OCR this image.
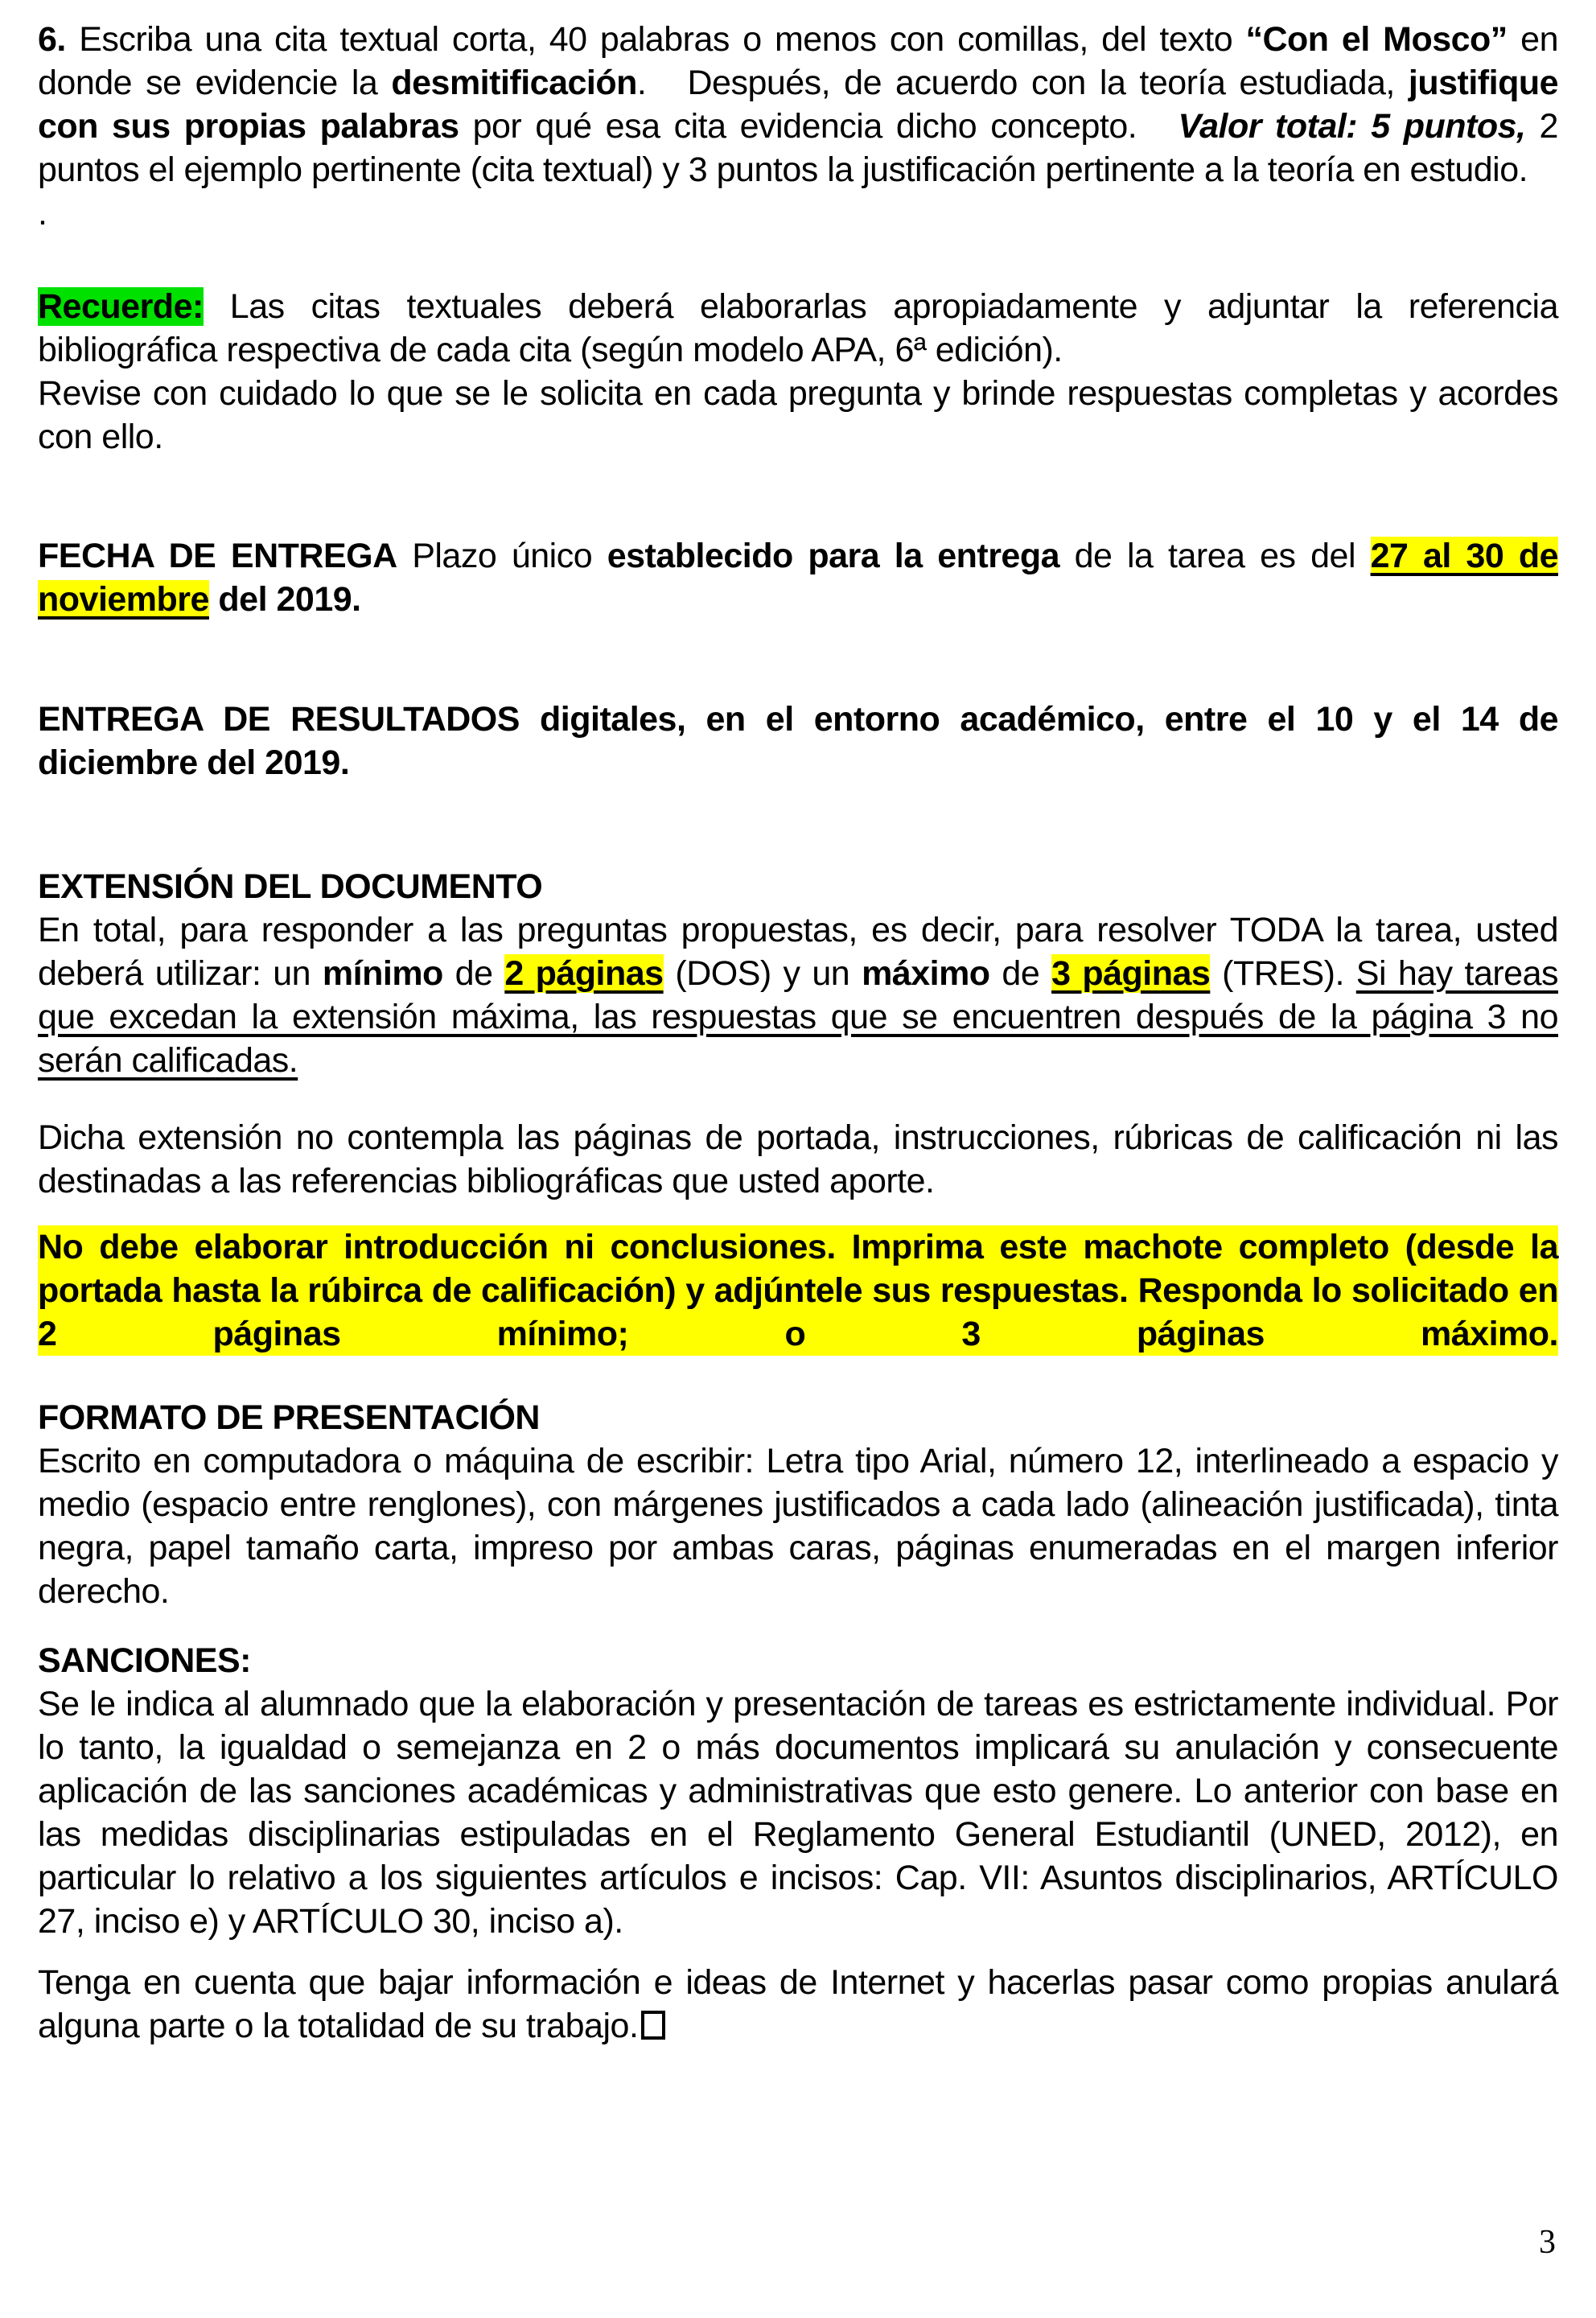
6. Escriba una cita textual corta, 40 palabras o menos con comillas, del texto “Con el Mosco” en donde se evidencie la desmitificación.   Después, de acuerdo con la teoría estudiada, justifique con sus propias palabras por qué esa cita evidencia dicho concepto.   Valor total: 5 puntos, 2 puntos el ejemplo pertinente (cita textual) y 3 puntos la justificación pertinente a la teoría en estudio.

.

Recuerde: Las citas textuales deberá elaborarlas apropiadamente y adjuntar la referencia bibliográfica respectiva de cada cita (según modelo APA, 6ª edición).

Revise con cuidado lo que se le solicita en cada pregunta y brinde respuestas completas y acordes con ello.

FECHA DE ENTREGA Plazo único establecido para la entrega de la tarea es del 27 al 30 de noviembre del 2019.

ENTREGA DE RESULTADOS digitales, en el entorno académico, entre el 10 y el 14 de diciembre del 2019.

EXTENSIÓN DEL DOCUMENTO

En total, para responder a las preguntas propuestas, es decir, para resolver TODA la tarea, usted deberá utilizar: un mínimo de 2 páginas (DOS) y un máximo de 3 páginas (TRES). Si hay tareas que excedan la extensión máxima, las respuestas que se encuentren después de la página 3 no serán calificadas.

Dicha extensión no contempla las páginas de portada, instrucciones, rúbricas de calificación ni las destinadas a las referencias bibliográficas que usted aporte.

No debe elaborar introducción ni conclusiones. Imprima este machote completo (desde la portada hasta la rúbirca de calificación) y adjúntele sus respuestas. Responda lo solicitado en 2 páginas mínimo; o 3 páginas máximo.

FORMATO DE PRESENTACIÓN

Escrito en computadora o máquina de escribir: Letra tipo Arial, número 12, interlineado a espacio y medio (espacio entre renglones), con márgenes justificados a cada lado (alineación justificada), tinta negra, papel tamaño carta, impreso por ambas caras, páginas enumeradas en el margen inferior derecho.

SANCIONES:

Se le indica al alumnado que la elaboración y presentación de tareas es estrictamente individual. Por lo tanto, la igualdad o semejanza en 2 o más documentos implicará su anulación y consecuente aplicación de las sanciones académicas y administrativas que esto genere. Lo anterior con base en las medidas disciplinarias estipuladas en el Reglamento General Estudiantil (UNED, 2012), en particular lo relativo a los siguientes artículos e incisos: Cap. VII: Asuntos disciplinarios, ARTÍCULO 27, inciso e) y ARTÍCULO 30, inciso a).

Tenga en cuenta que bajar información e ideas de Internet y hacerlas pasar como propias anulará alguna parte o la totalidad de su trabajo.

3
